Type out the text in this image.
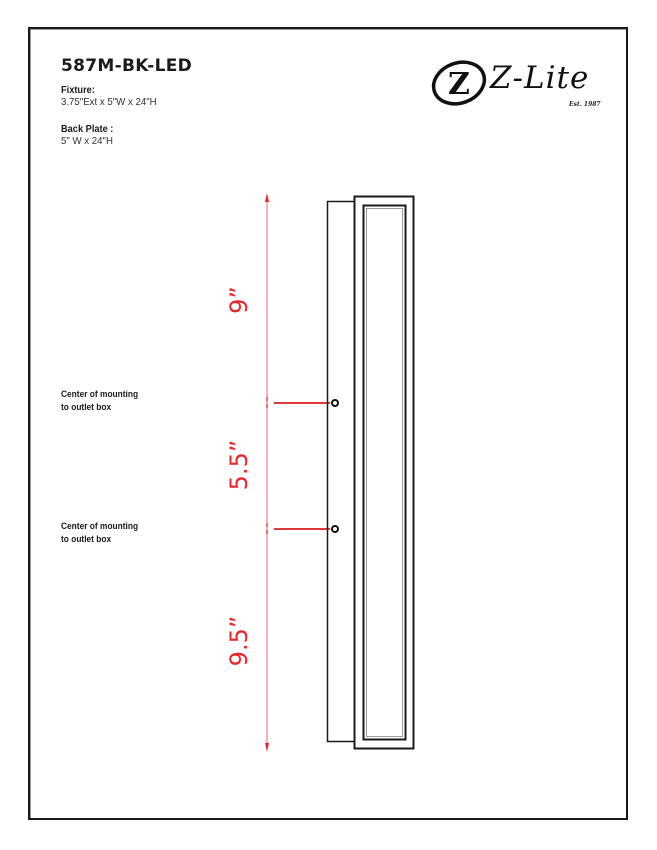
587M-BK-LED
Fixture:
3.75"Ext x 5"W x 24"H
Back Plate :
5" W x 24"H
Z Z-Lite
Est. 1987
Center of mounting
to outlet box
Center of mounting
to outlet box
9”
5.5”
9.5”
